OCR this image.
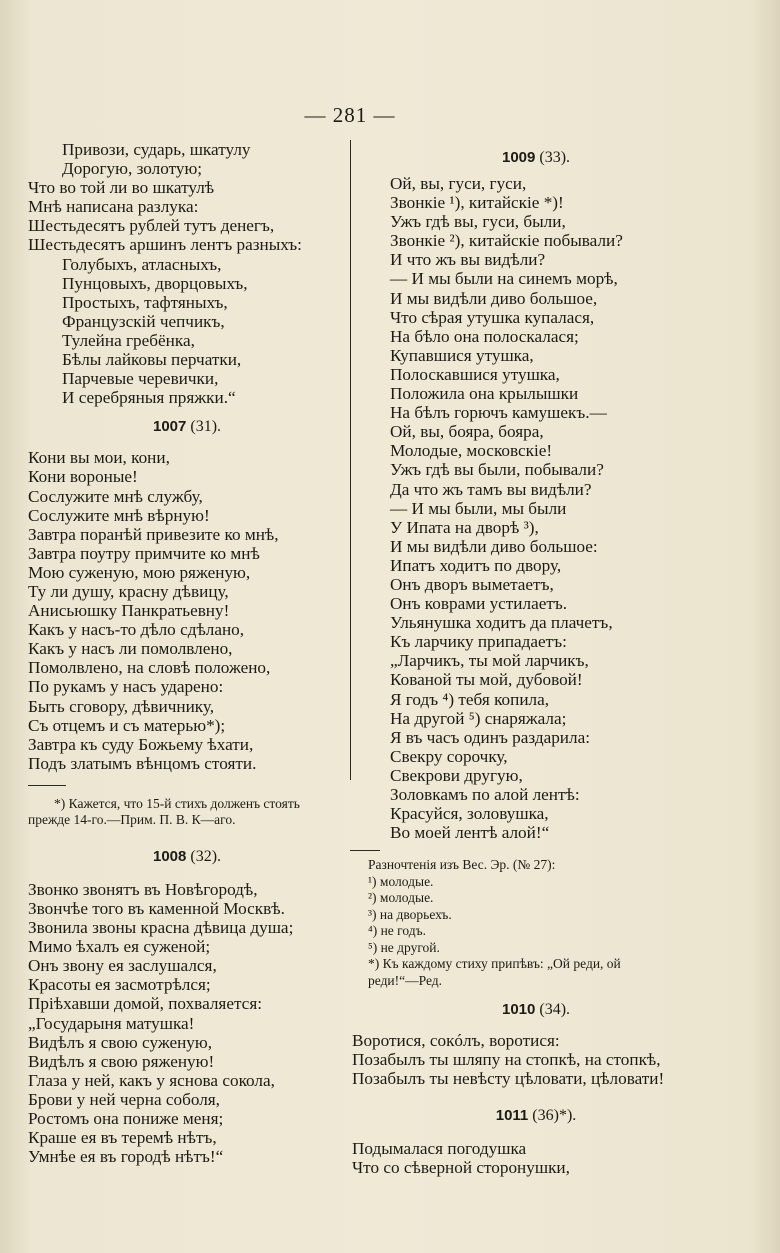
— 281 —
Привози, сударь, шкатулу
Дорогую, золотую;
Что во той ли во шкатулѣ
Мнѣ написана разлука:
Шестьдесятъ рублей тутъ денегъ,
Шестьдесятъ аршинъ лентъ разныхъ:
Голубыхъ, атласныхъ,
Пунцовыхъ, дворцовыхъ,
Простыхъ, тафтяныхъ,
Французскій чепчикъ,
Тулейна гребёнка,
Бѣлы лайковы перчатки,
Парчевые черевички,
И серебряныя пряжки.“
1007 (31).
Кони вы мои, кони,
Кони вороные!
Сослужите мнѣ службу,
Сослужите мнѣ вѣрную!
Завтра поранѣй привезите ко мнѣ,
Завтра поутру примчите ко мнѣ
Мою суженую, мою ряженую,
Ту ли душу, красну дѣвицу,
Анисьюшку Панкратьевну!
Какъ у насъ-то дѣло сдѣлано,
Какъ у насъ ли помолвлено,
Помолвлено, на словѣ положено,
По рукамъ у насъ ударено:
Быть сговору, дѣвичнику,
Съ отцемъ и съ матерью*);
Завтра къ суду Божьему ѣхати,
Подъ златымъ вѣнцомъ стояти.
*) Кажется, что 15-й стихъ долженъ стоять
прежде 14-го.—Прим. П. В. К—аго.
1008 (32).
Звонко звонятъ въ Новѣгородѣ,
Звончѣе того въ каменной Москвѣ.
Звонила звоны красна дѣвица душа;
Мимо ѣхалъ ея суженой;
Онъ звону ея заслушался,
Красоты ея засмотрѣлся;
Пріѣхавши домой, похваляется:
„Государыня матушка!
Видѣлъ я свою суженую,
Видѣлъ я свою ряженую!
Глаза у ней, какъ у яснова сокола,
Брови у ней черна соболя,
Ростомъ она пониже меня;
Краше ея въ теремѣ нѣтъ,
Умнѣе ея въ городѣ нѣтъ!“
1009 (33).
Ой, вы, гуси, гуси,
Звонкіе ¹), китайскіе *)!
Ужъ гдѣ вы, гуси, были,
Звонкіе ²), китайскіе побывали?
И что жъ вы видѣли?
— И мы были на синемъ морѣ,
И мы видѣли диво большое,
Что сѣрая утушка купалася,
На бѣло она полоскалася;
Купавшися утушка,
Полоскавшися утушка,
Положила она крылышки
На бѣлъ горючъ камушекъ.—
Ой, вы, бояра, бояра,
Молодые, московскіе!
Ужъ гдѣ вы были, побывали?
Да что жъ тамъ вы видѣли?
— И мы были, мы были
У Ипата на дворѣ ³),
И мы видѣли диво большое:
Ипатъ ходитъ по двору,
Онъ дворъ выметаетъ,
Онъ коврами устилаетъ.
Ульянушка ходитъ да плачетъ,
Къ ларчику припадаетъ:
„Ларчикъ, ты мой ларчикъ,
Кованой ты мой, дубовой!
Я годъ ⁴) тебя копила,
На другой ⁵) снаряжала;
Я въ часъ одинъ раздарила:
Свекру сорочку,
Свекрови другую,
Золовкамъ по алой лентѣ:
Красуйся, золовушка,
Во моей лентѣ алой!“
Разночтенія изъ Вес. Эр. (№ 27):
¹) молодые.
²) молодые.
³) на дворьехъ.
⁴) не годъ.
⁵) не другой.
*) Къ каждому стиху припѣвъ: „Ой реди, ой
реди!“—Ред.
1010 (34).
Воротися, сокóлъ, воротися:
Позабылъ ты шляпу на стопкѣ, на стопкѣ,
Позабылъ ты невѣсту цѣловати, цѣловати!
1011 (36)*).
Подымалася погодушка
Что со сѣверной сторонушки,
